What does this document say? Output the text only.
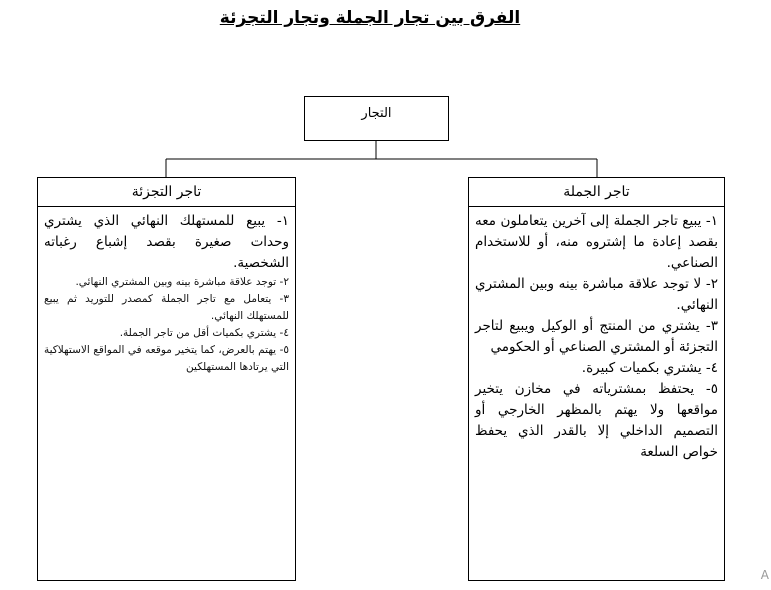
الفرق بين تجار الجملة وتجار التجزئة
التجار
تاجر التجزئة

١- يبيع للمستهلك النهائي الذي يشتري وحدات صغيرة بقصد إشباع رغباته الشخصية.

٢- توجد علاقة مباشرة بينه وبين المشتري النهائي.

٣- يتعامل مع تاجر الجملة كمصدر للتوريد ثم يبيع للمستهلك النهائي.

٤- يشتري بكميات أقل من تاجر الجملة.

٥- يهتم بالعرض، كما يتخير موقعه في المواقع الاستهلاكية التي يرتادها المستهلكين

تاجر الجملة

١- يبيع تاجر الجملة إلى آخرين يتعاملون معه بقصد إعادة ما إشتروه منه، أو للاستخدام الصناعي.

٢- لا توجد علاقة مباشرة بينه وبين المشتري النهائي.

٣- يشتري من المنتج أو الوكيل ويبيع لتاجر التجزئة أو المشتري الصناعي أو الحكومي

٤- يشتري بكميات كبيرة.

٥- يحتفظ بمشترياته في مخازن يتخير مواقعها ولا يهتم بالمظهر الخارجي أو التصميم الداخلي إلا بالقدر الذي يحفظ خواص السلعة

A
